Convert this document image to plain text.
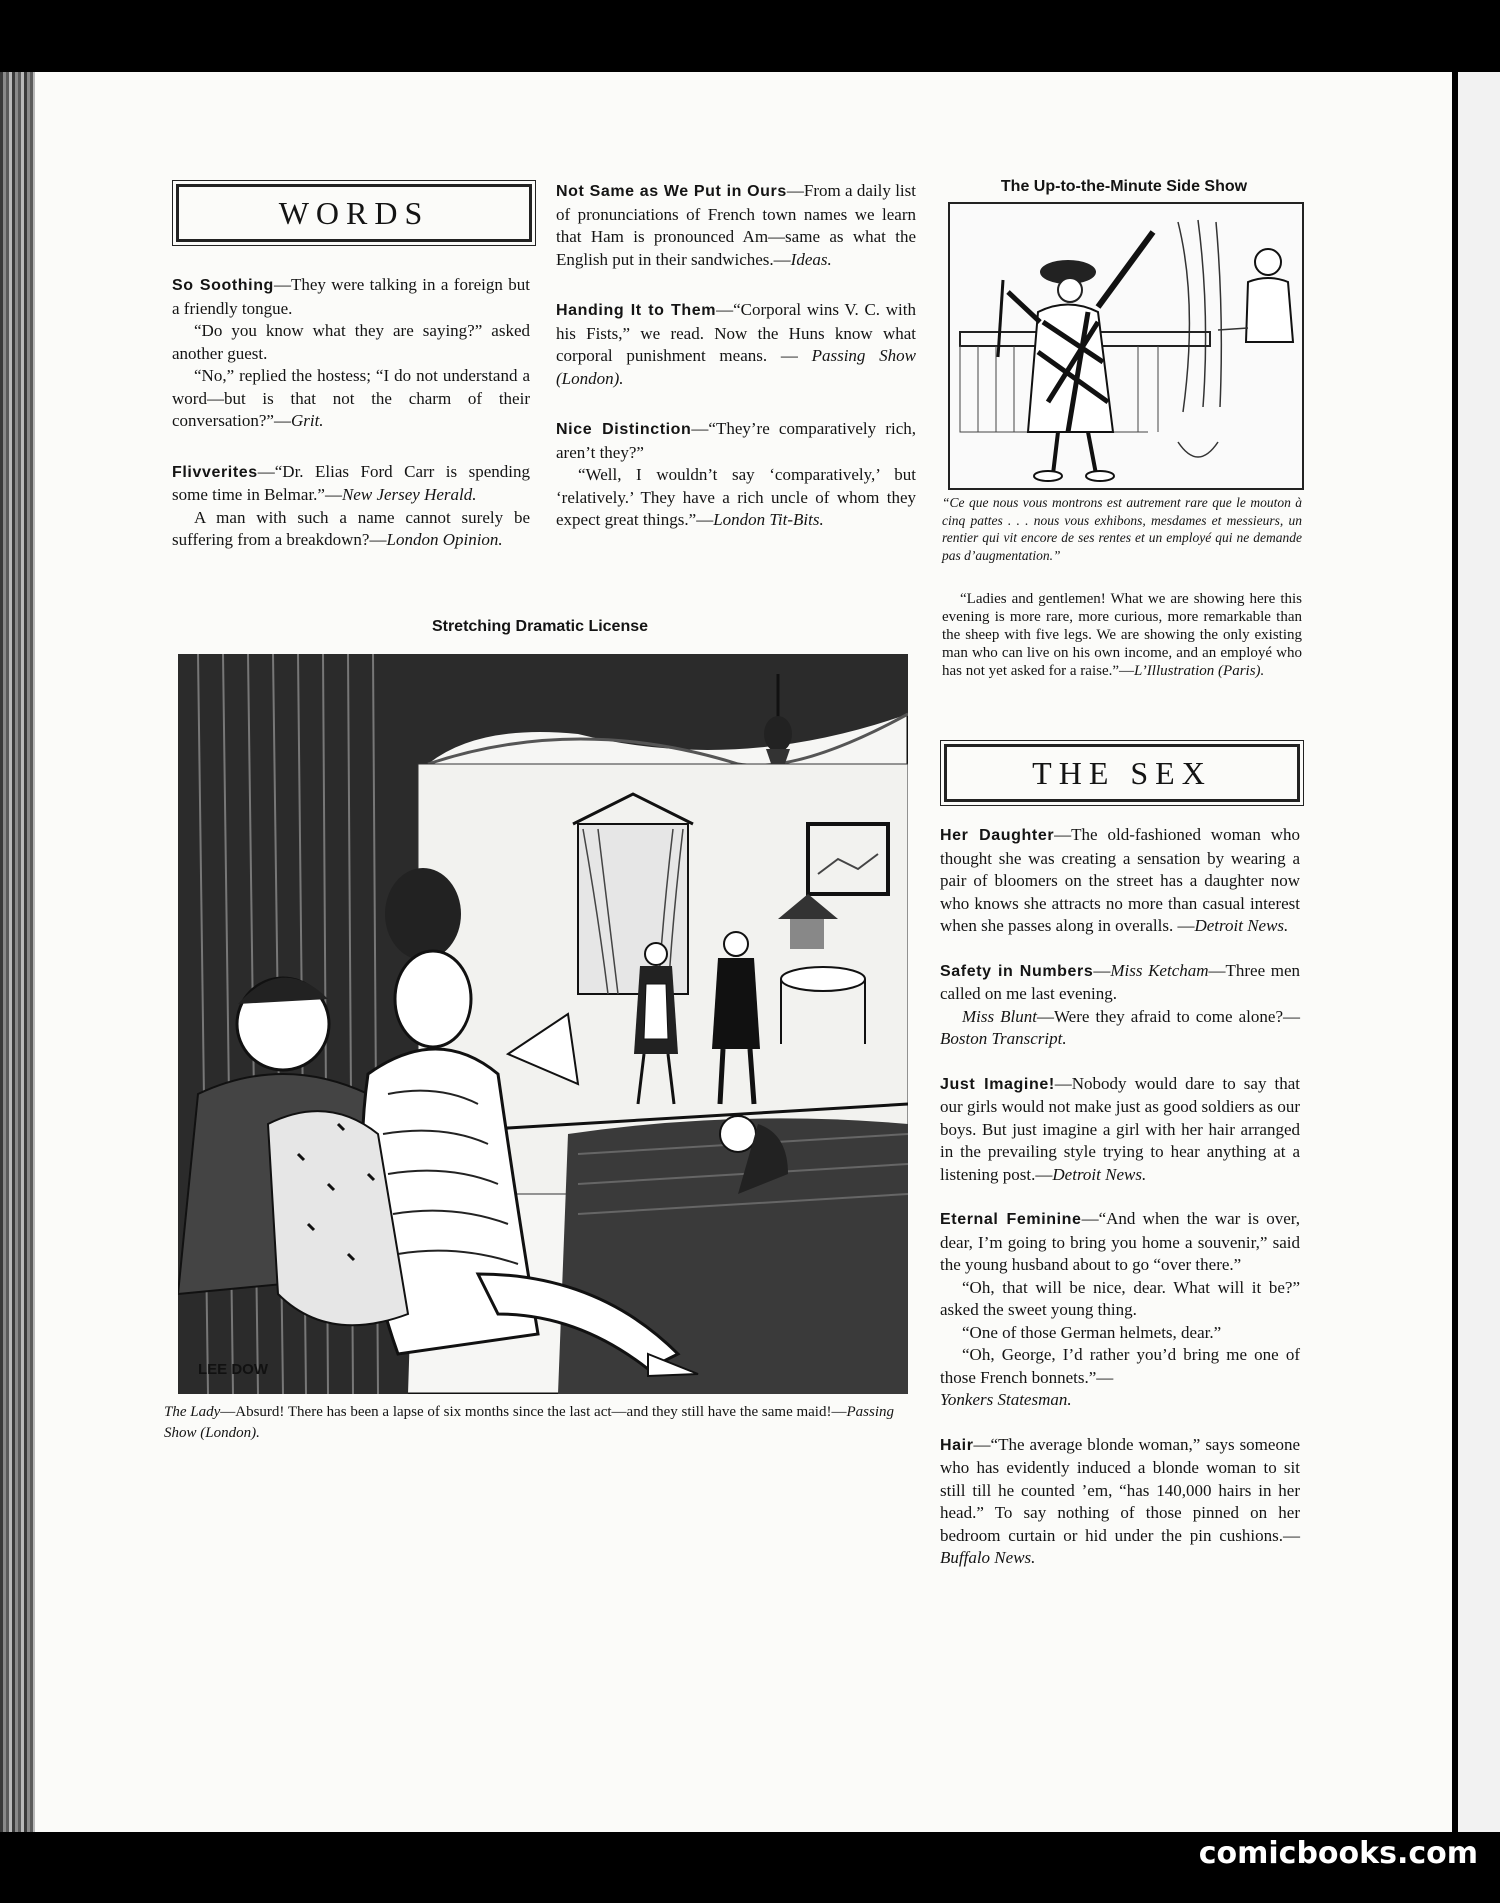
WORDS

So Soothing—They were talking in a foreign but a friendly tongue.

“Do you know what they are saying?” asked another guest.

“No,” replied the hostess; “I do not understand a word—but is that not the charm of their conversation?”—Grit.

Flivverites—“Dr. Elias Ford Carr is spending some time in Belmar.”—New Jersey Herald.

A man with such a name cannot surely be suffering from a breakdown?—London Opinion.

Not Same as We Put in Ours—From a daily list of pronunciations of French town names we learn that Ham is pronounced Am—same as what the English put in their sandwiches.—Ideas.

Handing It to Them—“Corporal wins V. C. with his Fists,” we read. Now the Huns know what corporal punishment means. — Passing Show (London).

Nice Distinction—“They’re comparatively rich, aren’t they?”

“Well, I wouldn’t say ‘comparatively,’ but ‘relatively.’ They have a rich uncle of whom they expect great things.”—London Tit-Bits.

The Up-to-the-Minute Side Show
“Ce que nous vous montrons est autrement rare que le mouton à cinq pattes . . . nous vous exhibons, mesdames et messieurs, un rentier qui vit encore de ses rentes et un employé qui ne demande pas d’augmentation.”
“Ladies and gentlemen! What we are showing here this evening is more rare, more curious, more remarkable than the sheep with five legs. We are showing the only existing man who can live on his own income, and an employé who has not yet asked for a raise.”—L’Illustration (Paris).
THE SEX

Her Daughter—The old-fashioned woman who thought she was creating a sensation by wearing a pair of bloomers on the street has a daughter now who knows she attracts no more than casual interest when she passes along in overalls. —Detroit News.

Safety in Numbers—Miss Ketcham—Three men called on me last evening.

Miss Blunt—Were they afraid to come alone?—Boston Transcript.

Just Imagine!—Nobody would dare to say that our girls would not make just as good soldiers as our boys. But just imagine a girl with her hair arranged in the prevailing style trying to hear anything at a listening post.—Detroit News.

Eternal Feminine—“And when the war is over, dear, I’m going to bring you home a souvenir,” said the young husband about to go “over there.”

“Oh, that will be nice, dear. What will it be?” asked the sweet young thing.

“One of those German helmets, dear.”

“Oh, George, I’d rather you’d bring me one of those French bonnets.”—

Yonkers Statesman.

Hair—“The average blonde woman,” says someone who has evidently induced a blonde woman to sit still till he counted ’em, “has 140,000 hairs in her head.” To say nothing of those pinned on her bedroom curtain or hid under the pin cushions.—Buffalo News.

Stretching Dramatic License
LEE DOW
The Lady—Absurd! There has been a lapse of six months since the last act—and they still have the same maid!—Passing Show (London).
comicbooks.com
